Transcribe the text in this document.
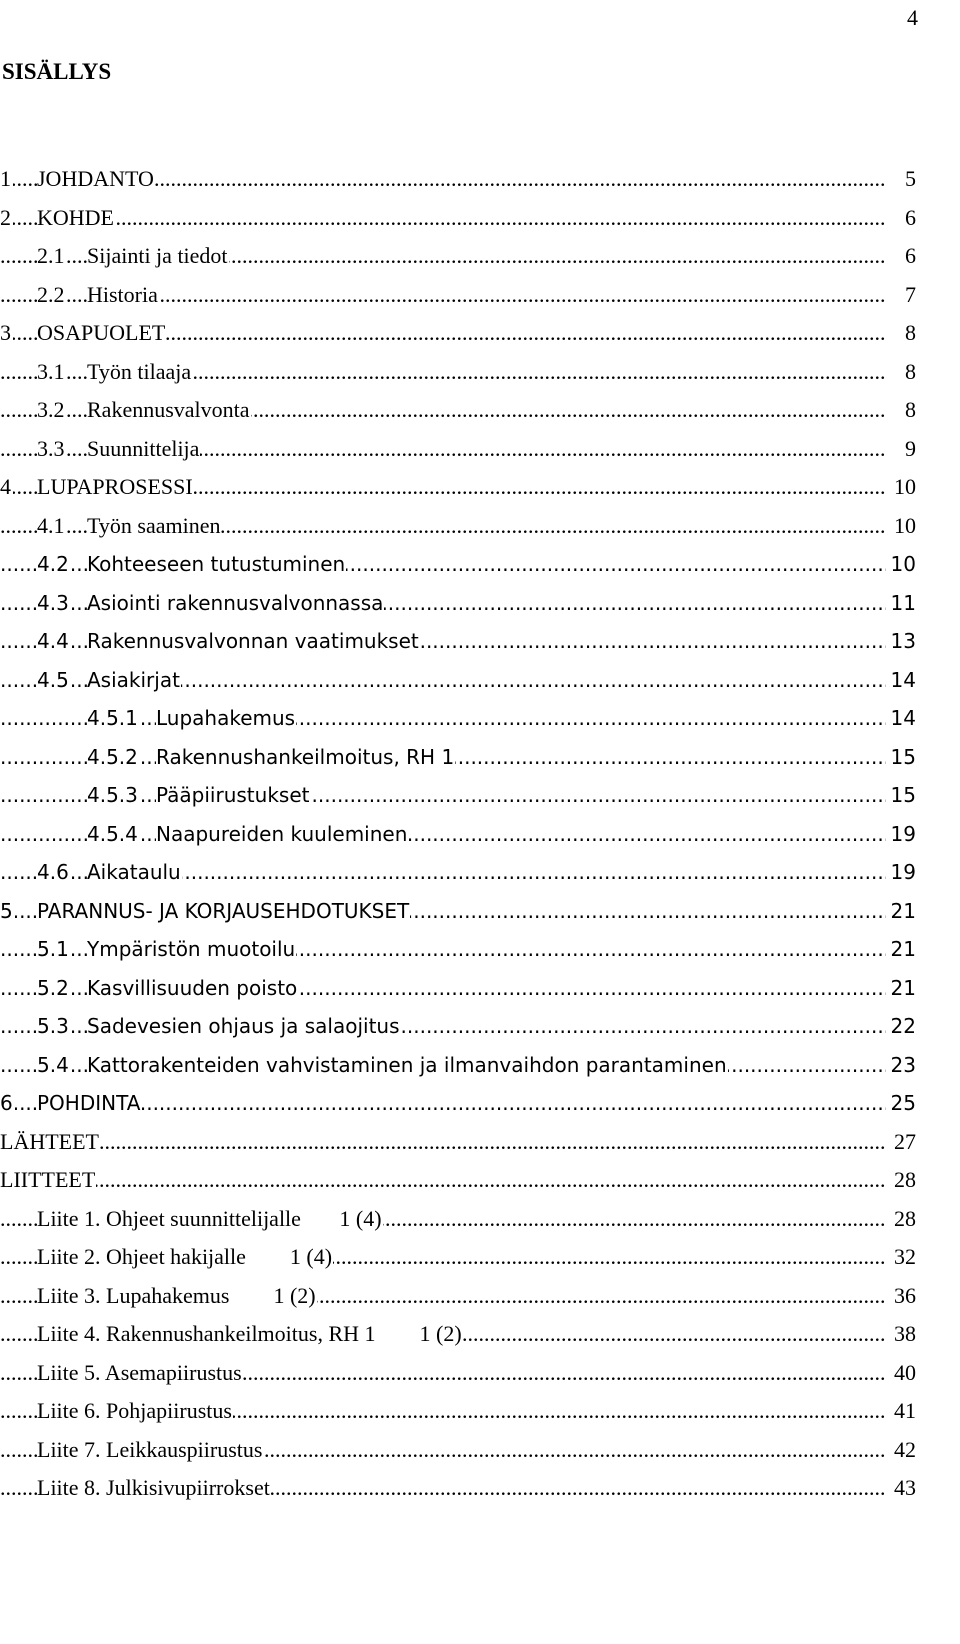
4
SISÄLLYS
.....
1 JOHDANTO	5
.....
2 KOHDE	6
.....
2.1 Sijainti ja tiedot	6
.....
2.2 Historia	7
.....
3 OSAPUOLET	8
.....
3.1 Työn tilaaja	8
.....
3.2 Rakennusvalvonta	8
.....
3.3 Suunnittelija	9
.....
4 LUPAPROSESSI	10
.....
4.1 Työn saaminen	10
.....
4.2 Kohteeseen tutustuminen	10
.....
4.3 Asiointi rakennusvalvonnassa	11
.....
4.4 Rakennusvalvonnan vaatimukset	13
.....
4.5 Asiakirjat	14
.....
4.5.1 Lupahakemus	14
.....
4.5.2 Rakennushankeilmoitus, RH 1	15
.....
4.5.3 Pääpiirustukset	15
.....
4.5.4 Naapureiden kuuleminen	19
.....
4.6 Aikataulu	19
.....
5 PARANNUS- JA KORJAUSEHDOTUKSET	21
.....
5.1 Ympäristön muotoilu	21
.....
5.2 Kasvillisuuden poisto	21
.....
5.3 Sadevesien ohjaus ja salaojitus	22
.....
5.4 Kattorakenteiden vahvistaminen ja ilmanvaihdon parantaminen	23
.....
6 POHDINTA	25
.....
LÄHTEET	27
.....
LIITTEET	28
.....
Liite 1. Ohjeet suunnittelijalle       1 (4)	28
.....
Liite 2. Ohjeet hakijalle        1 (4)	32
.....
Liite 3. Lupahakemus        1 (2)	36
.....
Liite 4. Rakennushankeilmoitus, RH 1        1 (2)	38
.....
Liite 5. Asemapiirustus	40
.....
Liite 6. Pohjapiirustus	41
.....
Liite 7. Leikkauspiirustus	42
.....
Liite 8. Julkisivupiirrokset	43
